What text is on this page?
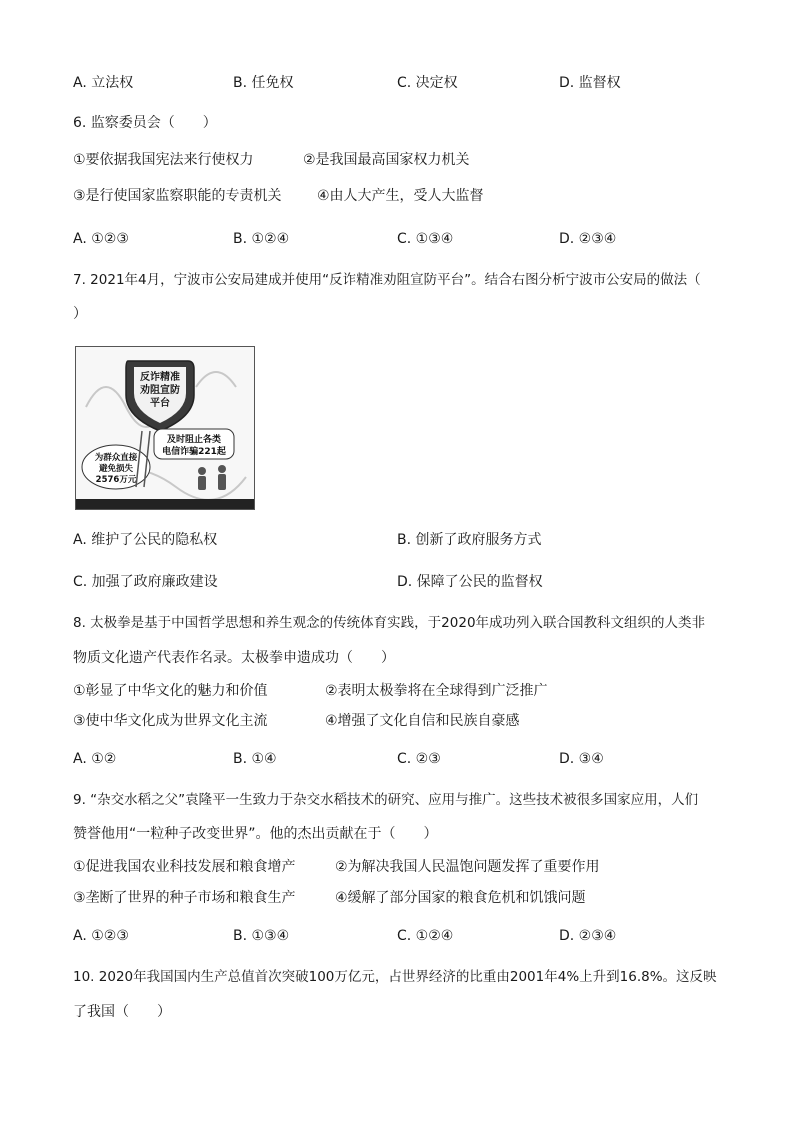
A. 立法权	B. 任免权	C. 决定权	D. 监督权
6. 监察委员会（　　）
①要依据我国宪法来行使权力	②是我国最高国家权力机关
③是行使国家监察职能的专责机关	④由人大产生，受人大监督
A. ①②③	B. ①②④	C. ①③④	D. ②③④
7. 2021年4月，宁波市公安局建成并使用“反诈精准劝阻宣防平台”。结合右图分析宁波市公安局的做法（
）
反诈精准
劝阻宣防
平台
及时阻止各类
电信诈骗221起
为群众直接
避免损失
2576万元
A. 维护了公民的隐私权	B. 创新了政府服务方式
C. 加强了政府廉政建设	D. 保障了公民的监督权
8. 太极拳是基于中国哲学思想和养生观念的传统体育实践，于2020年成功列入联合国教科文组织的人类非
物质文化遗产代表作名录。太极拳申遗成功（　　）
①彰显了中华文化的魅力和价值	②表明太极拳将在全球得到广泛推广
③使中华文化成为世界文化主流	④增强了文化自信和民族自豪感
A. ①②	B. ①④	C. ②③	D. ③④
9. “杂交水稻之父”袁隆平一生致力于杂交水稻技术的研究、应用与推广。这些技术被很多国家应用，人们
赞誉他用“一粒种子改变世界”。他的杰出贡献在于（　　）
①促进我国农业科技发展和粮食增产	②为解决我国人民温饱问题发挥了重要作用
③垄断了世界的种子市场和粮食生产	④缓解了部分国家的粮食危机和饥饿问题
A. ①②③	B. ①③④	C. ①②④	D. ②③④
10. 2020年我国国内生产总值首次突破100万亿元，占世界经济的比重由2001年4%上升到16.8%。这反映
了我国（　　）
